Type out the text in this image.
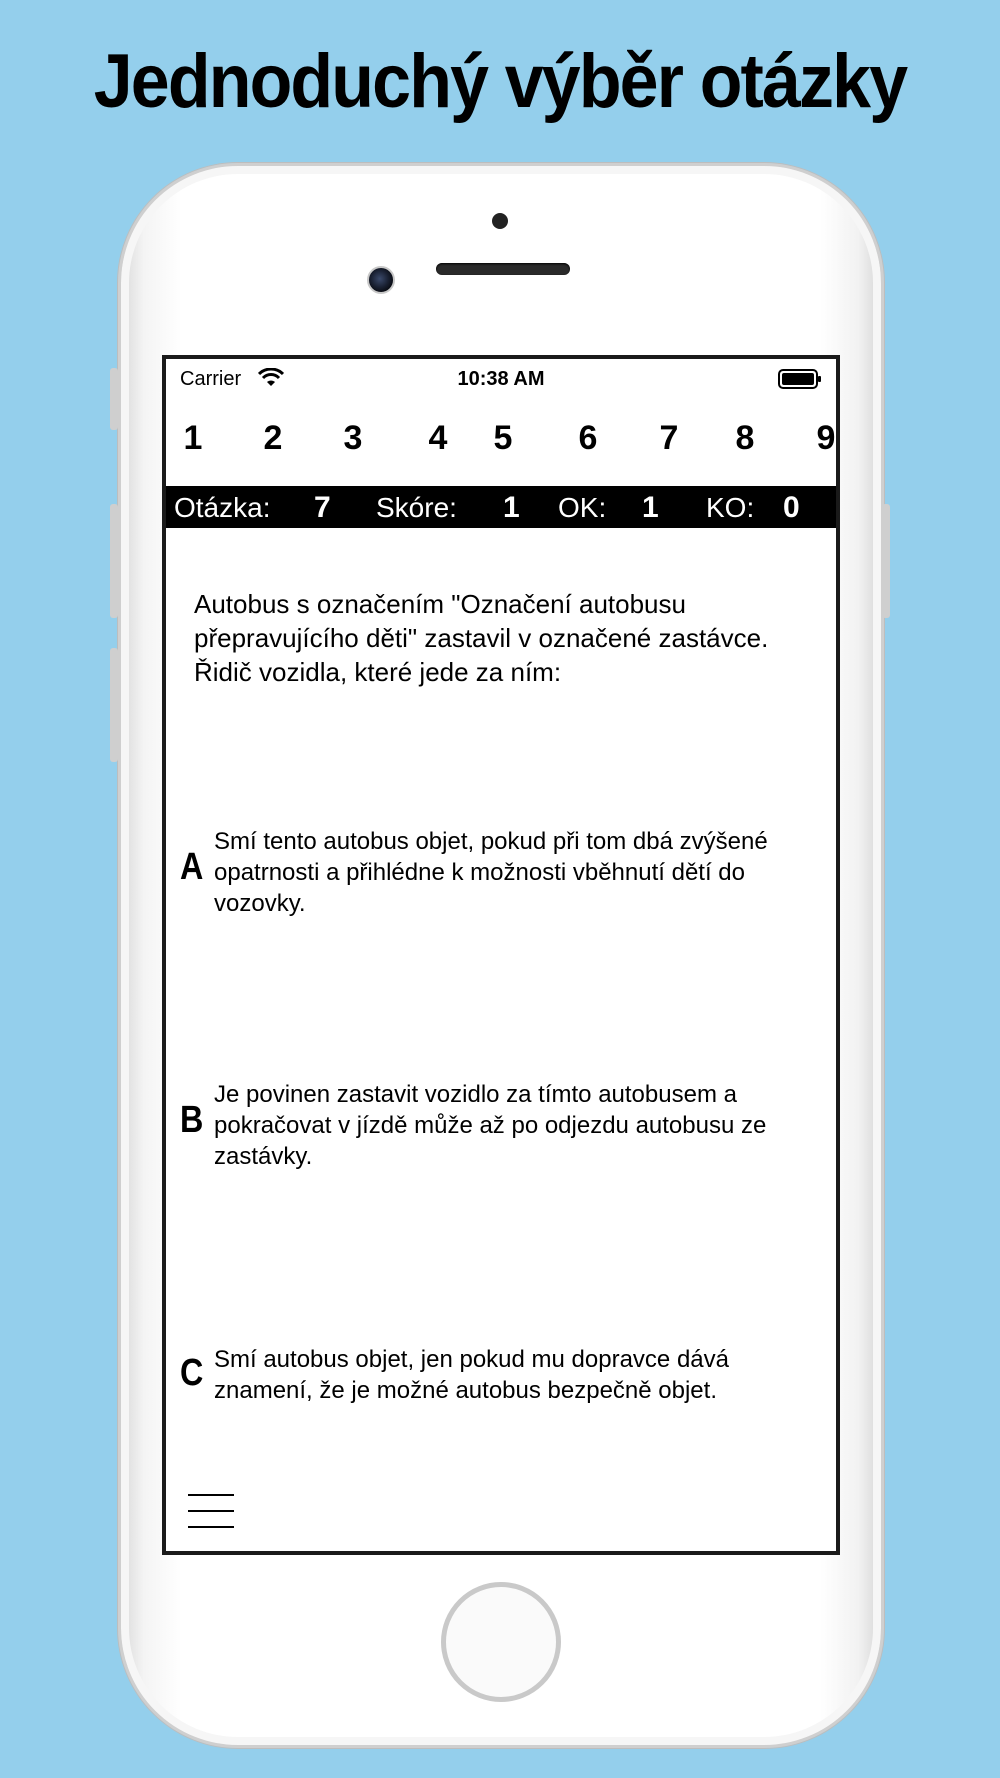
Jednoduchý výběr otázky
Carrier	10:38 AM
1 2 3 4 5 6 7 8 9
Otázka: 7 Skóre: 1 OK: 1 KO: 0
Autobus s označením "Označení autobusu přepravujícího děti" zastavil v označené zastávce. Řidič vozidla, které jede za ním:
A
Smí tento autobus objet, pokud při tom dbá zvýšené opatrnosti a přihlédne k možnosti vběhnutí dětí do vozovky.
B
Je povinen zastavit vozidlo za tímto autobusem a pokračovat v jízdě může až po odjezdu autobusu ze zastávky.
C Smí autobus objet, jen pokud mu dopravce dává znamení, že je možné autobus bezpečně objet.
